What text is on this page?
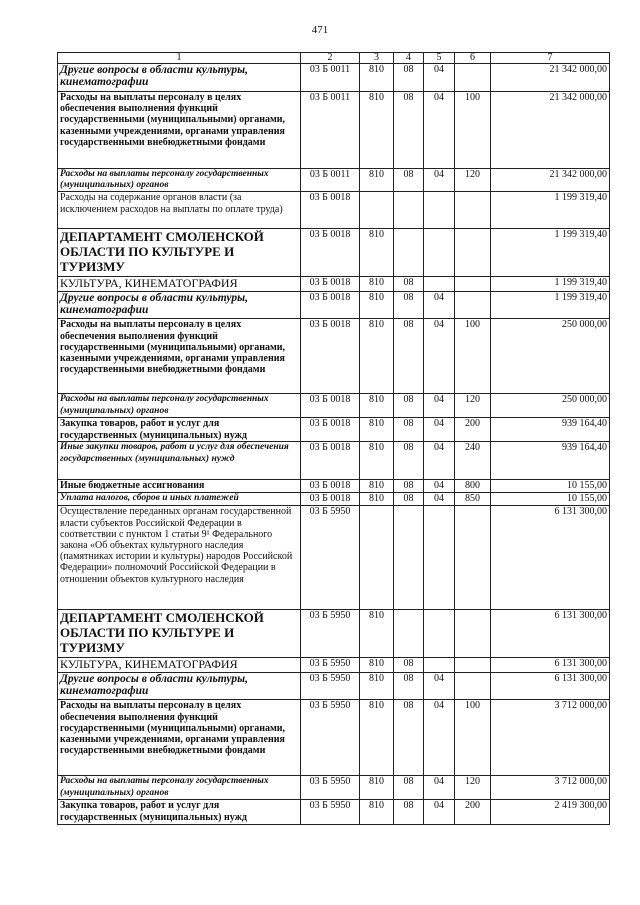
471
1	2	3	4	5	6	7
Другие вопросы в области культуры, кинематографии	03 Б 0011	810	08	04		21 342 000,00
Расходы на выплаты персоналу в целях обеспечения выполнения функций государственными (муниципальными) органами, казенными учреждениями, органами управления государственными внебюджетными фондами	03 Б 0011	810	08	04	100	21 342 000,00
Расходы на выплаты персоналу государственных (муниципальных) органов	03 Б 0011	810	08	04	120	21 342 000,00
Расходы на содержание органов власти (за исключением расходов на выплаты по оплате труда)	03 Б 0018					1 199 319,40
ДЕПАРТАМЕНТ СМОЛЕНСКОЙ ОБЛАСТИ ПО КУЛЬТУРЕ И ТУРИЗМУ	03 Б 0018	810				1 199 319,40
КУЛЬТУРА, КИНЕМАТОГРАФИЯ	03 Б 0018	810	08			1 199 319,40
Другие вопросы в области культуры, кинематографии	03 Б 0018	810	08	04		1 199 319,40
Расходы на выплаты персоналу в целях обеспечения выполнения функций государственными (муниципальными) органами, казенными учреждениями, органами управления государственными внебюджетными фондами	03 Б 0018	810	08	04	100	250 000,00
Расходы на выплаты персоналу государственных (муниципальных) органов	03 Б 0018	810	08	04	120	250 000,00
Закупка товаров, работ и услуг для государственных (муниципальных) нужд	03 Б 0018	810	08	04	200	939 164,40
Иные закупки товаров, работ и услуг для обеспечения государственных (муниципальных) нужд	03 Б 0018	810	08	04	240	939 164,40
Иные бюджетные ассигнования	03 Б 0018	810	08	04	800	10 155,00
Уплата налогов, сборов и иных платежей	03 Б 0018	810	08	04	850	10 155,00
Осуществление переданных органам государственной власти субъектов Российской Федерации в соответствии с пунктом 1 статьи 9¹ Федерального закона «Об объектах культурного наследия (памятниках истории и культуры) народов Российской Федерации» полномочий Российской Федерации в отношении объектов культурного наследия	03 Б 5950					6 131 300,00
ДЕПАРТАМЕНТ СМОЛЕНСКОЙ ОБЛАСТИ ПО КУЛЬТУРЕ И ТУРИЗМУ	03 Б 5950	810				6 131 300,00
КУЛЬТУРА, КИНЕМАТОГРАФИЯ	03 Б 5950	810	08			6 131 300,00
Другие вопросы в области культуры, кинематографии	03 Б 5950	810	08	04		6 131 300,00
Расходы на выплаты персоналу в целях обеспечения выполнения функций государственными (муниципальными) органами, казенными учреждениями, органами управления государственными внебюджетными фондами	03 Б 5950	810	08	04	100	3 712 000,00
Расходы на выплаты персоналу государственных (муниципальных) органов	03 Б 5950	810	08	04	120	3 712 000,00
Закупка товаров, работ и услуг для государственных (муниципальных) нужд	03 Б 5950	810	08	04	200	2 419 300,00
